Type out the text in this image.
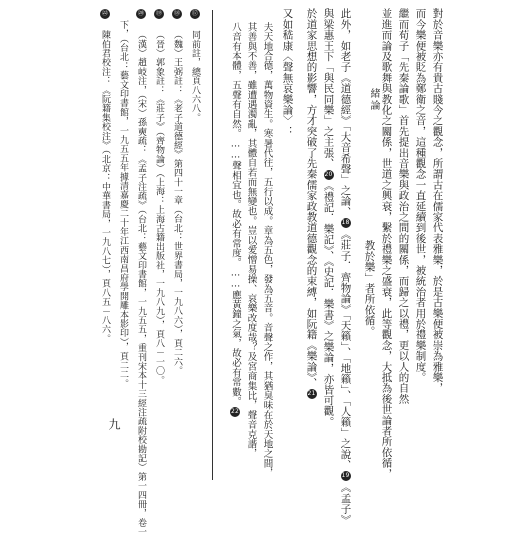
緒論	對於音樂亦有貴古賤今之觀念，所謂古在儒家代表雅樂，於是古樂便被崇為雅樂，
而今樂便被貶為鄭衛之音，這種觀念一直延續到後世，被統治者用於禮樂制度。
繼而荀子「先秦論歌」首先提出音樂與政治之間的關係，而歸之以禮，更以人的自然
並進而論及歌舞與教化之關係，世道之興衰，繫於禮樂之盛衰，此等觀念，大抵為後世論者所依循，
教於樂」者所依循。
此外，如老子《道德經》「大音希聲」之論、18《莊子．齊物論》「天籟」、「地籟」、「人籟」之說、19《孟子》
與梁惠王下「與民同樂」之主張、20《禮記．樂記》、《史記．樂書》之樂論，亦皆可觀。
於道家思想的影響，方才突破了先秦儒家政教道德觀念的束縛，如阮籍《樂論》、21
又如嵇康〈聲無哀樂論〉：
夫天地合德，萬物資生。寒暑代往，五行以成。章為五色，發為五音。音聲之作，其猶臭味在於天地之間，
其善與不善，雖遭遇濁亂，其體自若而無變也。豈以愛憎易操、哀樂改度哉？及宮商集比，聲音克諧，
八音有本體，五聲有自然。……聲相宜也。故必有常度。……應黃鐘之氣，故必有常數。22
⑰ 同前註，總頁八六八。
⑱ （魏）王弼註：《老子道德經》第四十一章（台北：世界書局，一九八六），頁二六。
⑲ （晉）郭象註：《莊子》（齊物論）（上海：上海古籍出版社，一九八九），頁八－一〇。
⑳ （漢）趙岐注，（宋）孫奭疏：《孟子注疏》（台北：藝文印書館，一九五五，重刊宋本十三經注疏附校勘記）第一四冊，卷一
下，（台北：藝文印書館，一九五五年據清嘉慶二十年江西南昌府學開雕本影印），頁二二。
㉒ 陳伯君校注：《阮籍集校注》（北京：中華書局，一九八七），頁八五－八六。
九
